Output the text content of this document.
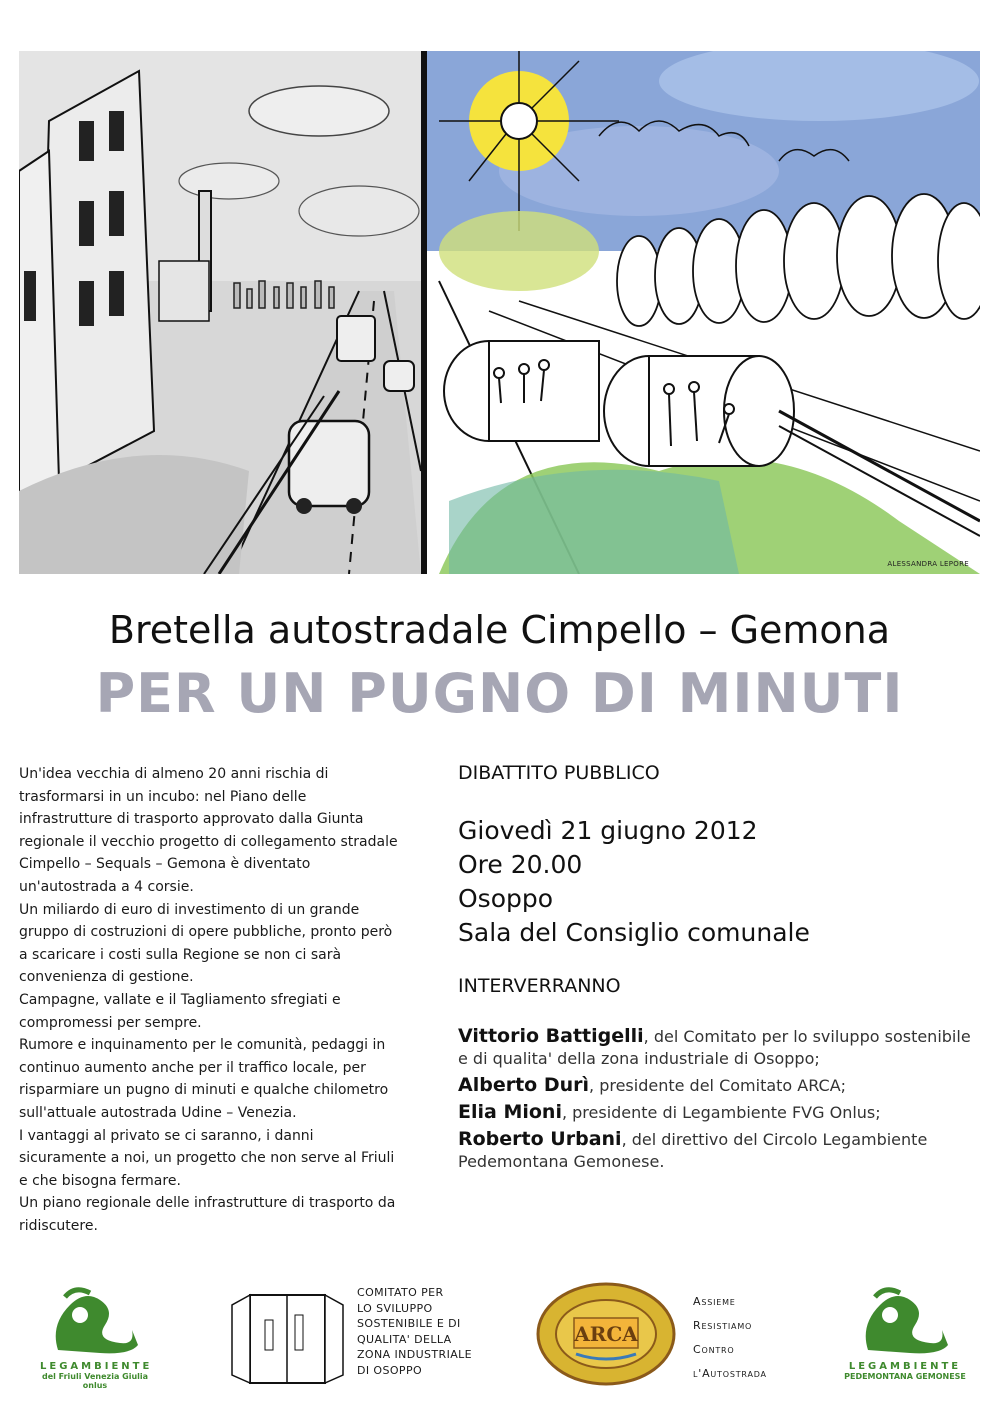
ALESSANDRA LEPORE
Bretella autostradale Cimpello – Gemona
PER UN PUGNO DI MINUTI

Un'idea vecchia di almeno 20 anni rischia di trasformarsi in un incubo: nel Piano delle infrastrutture di trasporto approvato dalla Giunta regionale il vecchio progetto di collegamento stradale Cimpello – Sequals – Gemona è diventato un'autostrada a 4 corsie.

Un miliardo di euro di investimento di un grande gruppo di costruzioni di opere pubbliche, pronto però a scaricare i costi sulla Regione se non ci sarà convenienza di gestione.

Campagne, vallate e il Tagliamento sfregiati e compromessi per sempre.

Rumore e inquinamento per le comunità, pedaggi in continuo aumento anche per il traffico locale, per risparmiare un pugno di minuti e qualche chilometro sull'attuale autostrada Udine – Venezia.

I vantaggi al privato se ci saranno, i danni sicuramente a noi, un progetto che non serve al Friuli e che bisogna fermare.

Un piano regionale delle infrastrutture di trasporto da ridiscutere.

DIBATTITO PUBBLICO
Giovedì 21 giugno 2012
Ore 20.00
Osoppo
Sala del Consiglio comunale
INTERVERRANNO
Vittorio Battigelli, del Comitato per lo sviluppo sostenibile e di qualita' della zona industriale di Osoppo;
Alberto Durì, presidente del Comitato ARCA;
Elia Mioni, presidente di Legambiente FVG Onlus;
Roberto Urbani, del direttivo del Circolo Legambiente Pedemontana Gemonese.
LEGAMBIENTE
del Friuli Venezia Giulia onlus
COMITATO PER
LO SVILUPPO
SOSTENIBILE E DI
QUALITA' DELLA
ZONA INDUSTRIALE
DI OSOPPO
ARCA
Assieme
Resistiamo
Contro
l'Autostrada
LEGAMBIENTE
PEDEMONTANA GEMONESE
